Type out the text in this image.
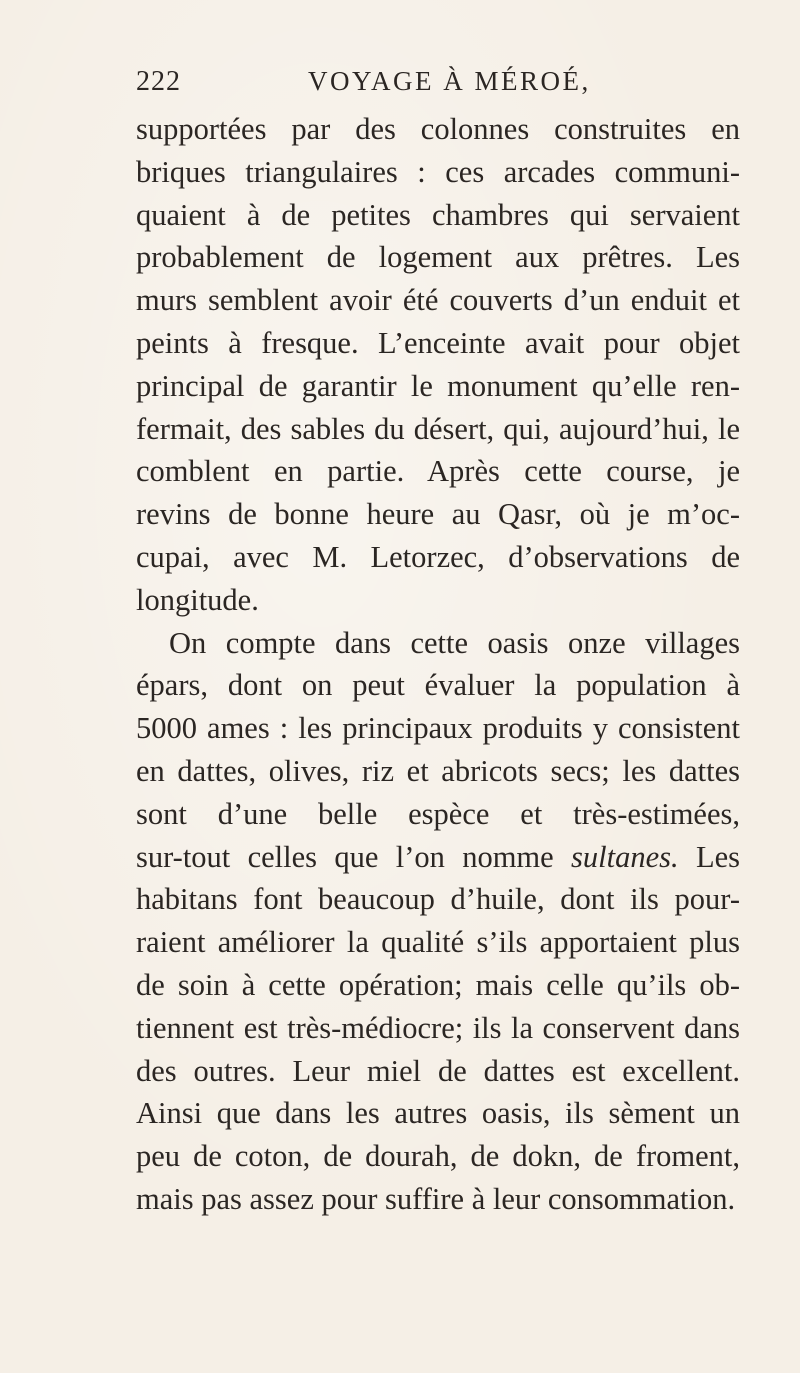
222	VOYAGE À MÉROÉ,
supportées par des colonnes construites en
briques triangulaires : ces arcades communi-
quaient à de petites chambres qui servaient
probablement de logement aux prêtres. Les
murs semblent avoir été couverts d’un enduit et
peints à fresque. L’enceinte avait pour objet
principal de garantir le monument qu’elle ren-
fermait, des sables du désert, qui, aujourd’hui, le
comblent en partie. Après cette course, je
revins de bonne heure au Qasr, où je m’oc-
cupai, avec M. Letorzec, d’observations de
longitude.
On compte dans cette oasis onze villages
épars, dont on peut évaluer la population à
5000 ames : les principaux produits y consistent
en dattes, olives, riz et abricots secs; les dattes
sont d’une belle espèce et très-estimées,
sur-tout celles que l’on nomme sultanes. Les
habitans font beaucoup d’huile, dont ils pour-
raient améliorer la qualité s’ils apportaient plus
de soin à cette opération; mais celle qu’ils ob-
tiennent est très-médiocre; ils la conservent dans
des outres. Leur miel de dattes est excellent.
Ainsi que dans les autres oasis, ils sèment un
peu de coton, de dourah, de dokn, de froment,
mais pas assez pour suffire à leur consommation.
